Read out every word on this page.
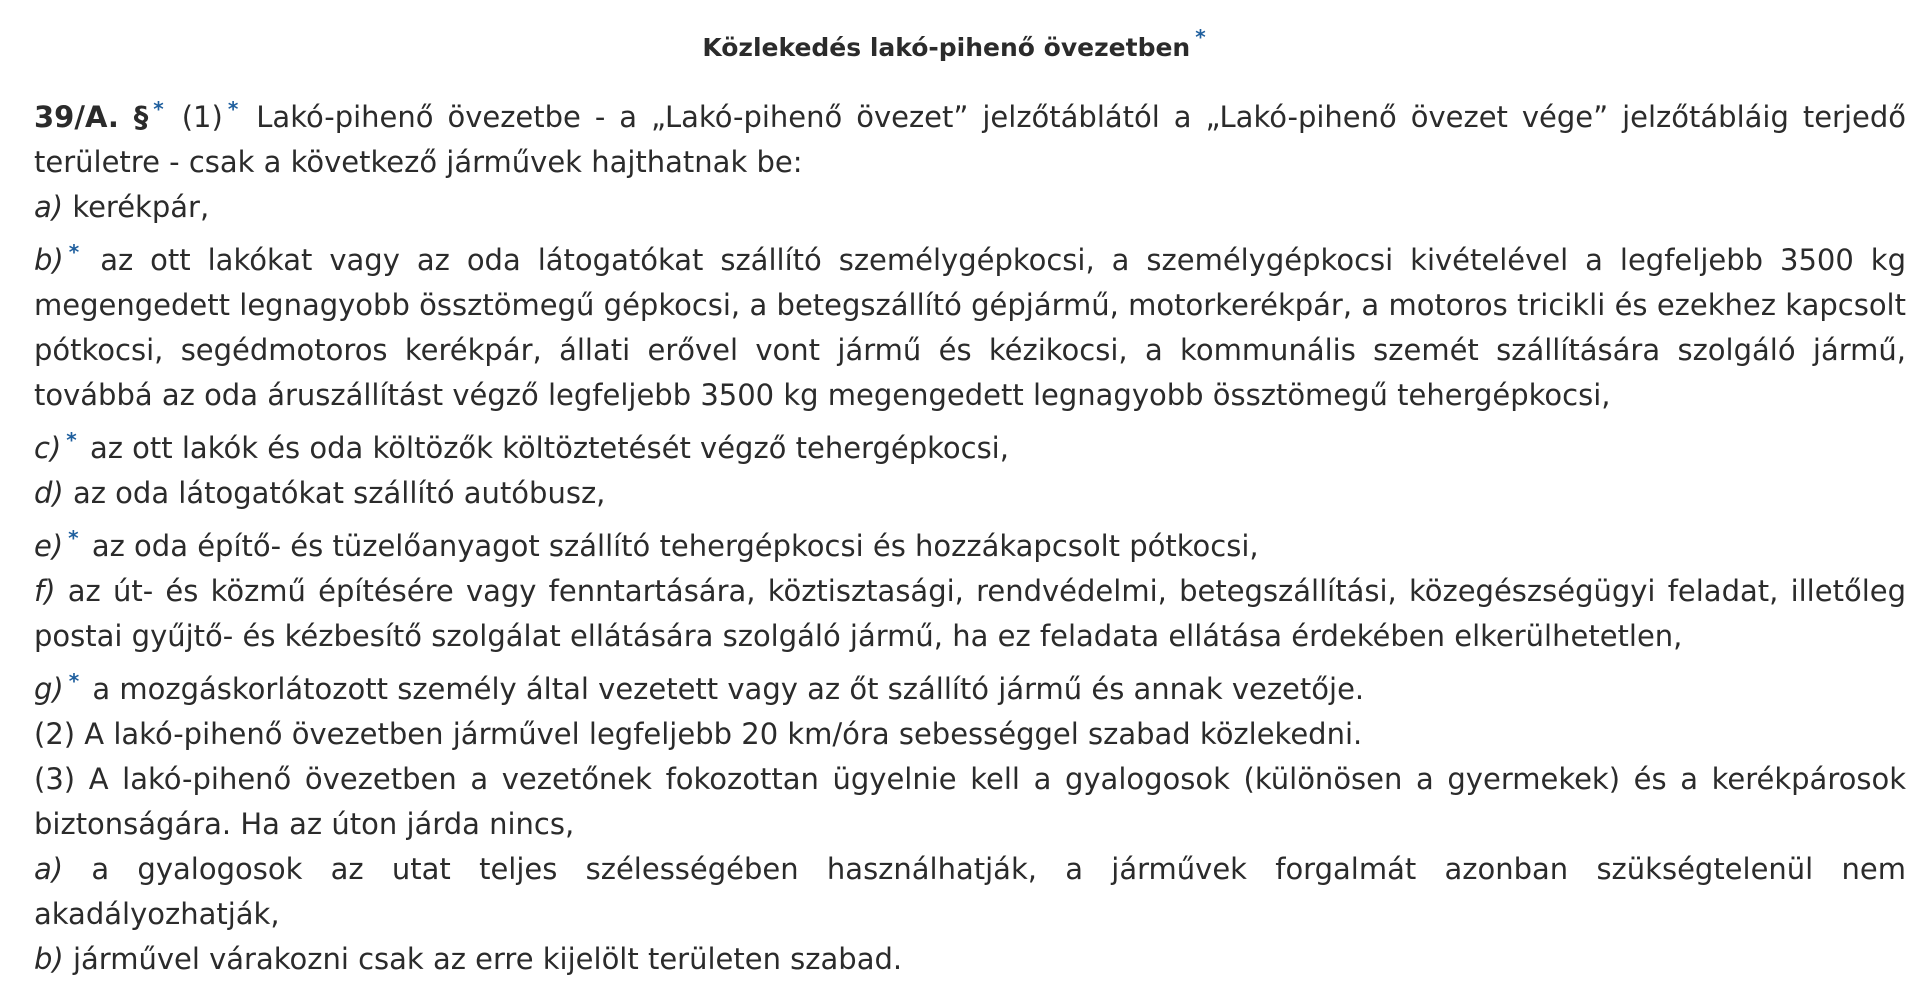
Közlekedés lakó-pihenő övezetben *

39/A. § * (1) * Lakó-pihenő övezetbe - a „Lakó-pihenő övezet” jelzőtáblától a „Lakó-pihenő övezet vége” jelzőtábláig terjedő területre - csak a következő járművek hajthatnak be:

a) kerékpár,

b) * az ott lakókat vagy az oda látogatókat szállító személygépkocsi, a személygépkocsi kivételével a legfeljebb 3500 kg megengedett legnagyobb össztömegű gépkocsi, a betegszállító gépjármű, motorkerékpár, a motoros tricikli és ezekhez kapcsolt pótkocsi, segédmotoros kerékpár, állati erővel vont jármű és kézikocsi, a kommunális szemét szállítására szolgáló jármű, továbbá az oda áruszállítást végző legfeljebb 3500 kg megengedett legnagyobb össztömegű tehergépkocsi,

c) * az ott lakók és oda költözők költöztetését végző tehergépkocsi,

d) az oda látogatókat szállító autóbusz,

e) * az oda építő- és tüzelőanyagot szállító tehergépkocsi és hozzákapcsolt pótkocsi,

f) az út- és közmű építésére vagy fenntartására, köztisztasági, rendvédelmi, betegszállítási, közegészségügyi feladat, illetőleg postai gyűjtő- és kézbesítő szolgálat ellátására szolgáló jármű, ha ez feladata ellátása érdekében elkerülhetetlen,

g) * a mozgáskorlátozott személy által vezetett vagy az őt szállító jármű és annak vezetője.

(2) A lakó-pihenő övezetben járművel legfeljebb 20 km/óra sebességgel szabad közlekedni.

(3) A lakó-pihenő övezetben a vezetőnek fokozottan ügyelnie kell a gyalogosok (különösen a gyermekek) és a kerékpárosok biztonságára. Ha az úton járda nincs,

a) a gyalogosok az utat teljes szélességében használhatják, a járművek forgalmát azonban szükségtelenül nem akadályozhatják,

b) járművel várakozni csak az erre kijelölt területen szabad.
